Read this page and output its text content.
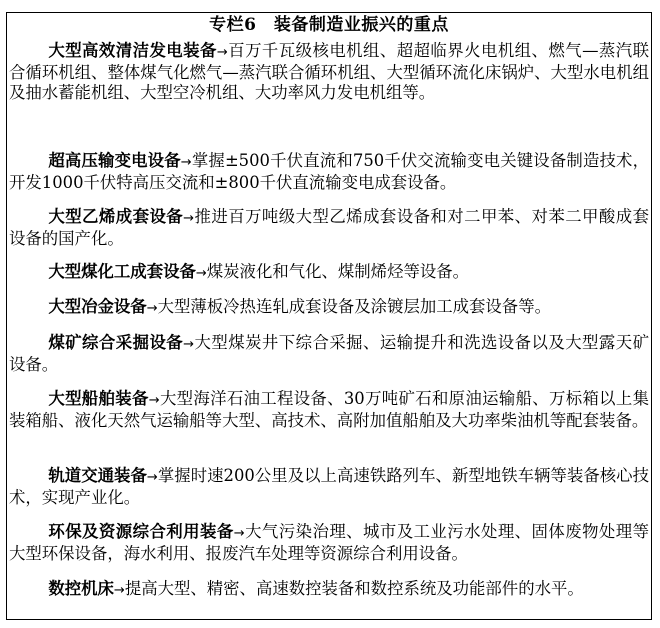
专栏6　装备制造业振兴的重点

大型高效清洁发电装备→百万千瓦级核电机组、超超临界火电机组、燃气—蒸汽联合循环机组、整体煤气化燃气—蒸汽联合循环机组、大型循环流化床锅炉、大型水电机组及抽水蓄能机组、大型空冷机组、大功率风力发电机组等。

超高压输变电设备→掌握±500千伏直流和750千伏交流输变电关键设备制造技术，开发1000千伏特高压交流和±800千伏直流输变电成套设备。

大型乙烯成套设备→推进百万吨级大型乙烯成套设备和对二甲苯、对苯二甲酸成套设备的国产化。

大型煤化工成套设备→煤炭液化和气化、煤制烯烃等设备。

大型冶金设备→大型薄板冷热连轧成套设备及涂镀层加工成套设备等。

煤矿综合采掘设备→大型煤炭井下综合采掘、运输提升和洗选设备以及大型露天矿设备。

大型船舶装备→大型海洋石油工程设备、30万吨矿石和原油运输船、万标箱以上集装箱船、液化天然气运输船等大型、高技术、高附加值船舶及大功率柴油机等配套装备。

轨道交通装备→掌握时速200公里及以上高速铁路列车、新型地铁车辆等装备核心技术，实现产业化。

环保及资源综合利用装备→大气污染治理、城市及工业污水处理、固体废物处理等大型环保设备，海水利用、报废汽车处理等资源综合利用设备。

数控机床→提高大型、精密、高速数控装备和数控系统及功能部件的水平。
